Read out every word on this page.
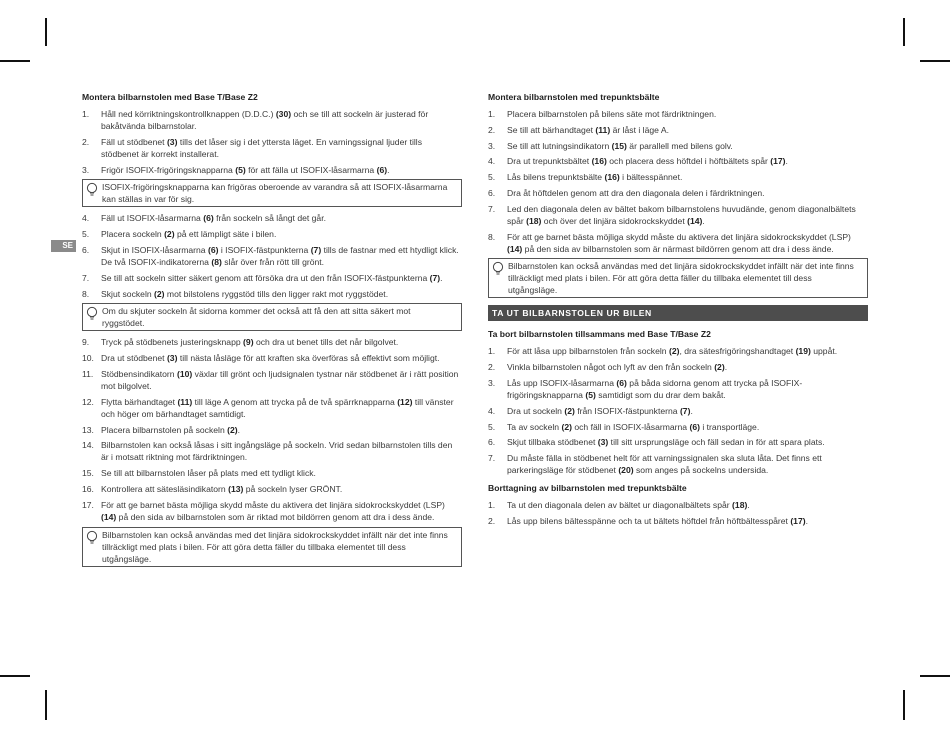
SE
Montera bilbarnstolen med Base T/Base Z2
1. Håll ned körriktningskontrollknappen (D.D.C.) (30) och se till att sockeln är justerad för bakåtvända bilbarnstolar.
2. Fäll ut stödbenet (3) tills det låser sig i det yttersta läget. En varningssignal ljuder tills stödbenet är korrekt installerat.
3. Frigör ISOFIX-frigöringsknapparna (5) för att fälla ut ISOFIX-låsarmarna (6).
ISOFIX-frigöringsknapparna kan frigöras oberoende av varandra så att ISOFIX-låsarmarna kan ställas in var för sig.
4. Fäll ut ISOFIX-låsarmarna (6) från sockeln så långt det går.
5. Placera sockeln (2) på ett lämpligt säte i bilen.
6. Skjut in ISOFIX-låsarmarna (6) i ISOFIX-fästpunkterna (7) tills de fastnar med ett htydligt klick. De två ISOFIX-indikatorerna (8) slår över från rött till grönt.
7. Se till att sockeln sitter säkert genom att försöka dra ut den från ISOFIX-fästpunkterna (7).
8. Skjut sockeln (2) mot bilstolens ryggstöd tills den ligger rakt mot ryggstödet.
Om du skjuter sockeln åt sidorna kommer det också att få den att sitta säkert mot ryggstödet.
9. Tryck på stödbenets justeringsknapp (9) och dra ut benet tills det når bilgolvet.
10. Dra ut stödbenet (3) till nästa låsläge för att kraften ska överföras så effektivt som möjligt.
11. Stödbensindikatorn (10) växlar till grönt och ljudsignalen tystnar när stödbenet är i rätt position mot bilgolvet.
12. Flytta bärhandtaget (11) till läge A genom att trycka på de två spärrknapparna (12) till vänster och höger om bärhandtaget samtidigt.
13. Placera bilbarnstolen på sockeln (2).
14. Bilbarnstolen kan också låsas i sitt ingångsläge på sockeln. Vrid sedan bilbarnstolen tills den är i motsatt riktning mot färdriktningen.
15. Se till att bilbarnstolen låser på plats med ett tydligt klick.
16. Kontrollera att sätesläsindikatorn (13) på sockeln lyser GRÖNT.
17. För att ge barnet bästa möjliga skydd måste du aktivera det linjära sidokrockskyddet (LSP) (14) på den sida av bilbarnstolen som är riktad mot bildörren genom att dra i dess ände.
Bilbarnstolen kan också användas med det linjära sidokrockskyddet infällt när det inte finns tillräckligt med plats i bilen. För att göra detta fäller du tillbaka elementet till dess utgångsläge.
Montera bilbarnstolen med trepunktsbälte
1. Placera bilbarnstolen på bilens säte mot färdriktningen.
2. Se till att bärhandtaget (11) är låst i läge A.
3. Se till att lutningsindikatorn (15) är parallell med bilens golv.
4. Dra ut trepunktsbältet (16) och placera dess höftdel i höftbältets spår (17).
5. Lås bilens trepunktsbälte (16) i bältesspännet.
6. Dra åt höftdelen genom att dra den diagonala delen i färdriktningen.
7. Led den diagonala delen av bältet bakom bilbarnstolens huvudände, genom diagonalbältets spår (18) och över det linjära sidokrockskyddet (14).
8. För att ge barnet bästa möjliga skydd måste du aktivera det linjära sidokrockskyddet (LSP) (14) på den sida av bilbarnstolen som är närmast bildörren genom att dra i dess ände.
Bilbarnstolen kan också användas med det linjära sidokrockskyddet infällt när det inte finns tillräckligt med plats i bilen. För att göra detta fäller du tillbaka elementet till dess utgångsläge.
TA UT BILBARNSTOLEN UR BILEN
Ta bort bilbarnstolen tillsammans med Base T/Base Z2
1. För att låsa upp bilbarnstolen från sockeln (2), dra sätesfrigöringshandtaget (19) uppåt.
2. Vinkla bilbarnstolen något och lyft av den från sockeln (2).
3. Lås upp ISOFIX-låsarmarna (6) på båda sidorna genom att trycka på ISOFIX-frigöringsknapparna (5) samtidigt som du drar dem bakåt.
4. Dra ut sockeln (2) från ISOFIX-fästpunkterna (7).
5. Ta av sockeln (2) och fäll in ISOFIX-låsarmarna (6) i transportläge.
6. Skjut tillbaka stödbenet (3) till sitt ursprungsläge och fäll sedan in för att spara plats.
7. Du måste fälla in stödbenet helt för att varningssignalen ska sluta låta. Det finns ett parkeringsläge för stödbenet (20) som anges på sockelns undersida.
Borttagning av bilbarnstolen med trepunktsbälte
1. Ta ut den diagonala delen av bältet ur diagonalbältets spår (18).
2. Lås upp bilens bältesspänne och ta ut bältets höftdel från höftbältesspåret (17).
